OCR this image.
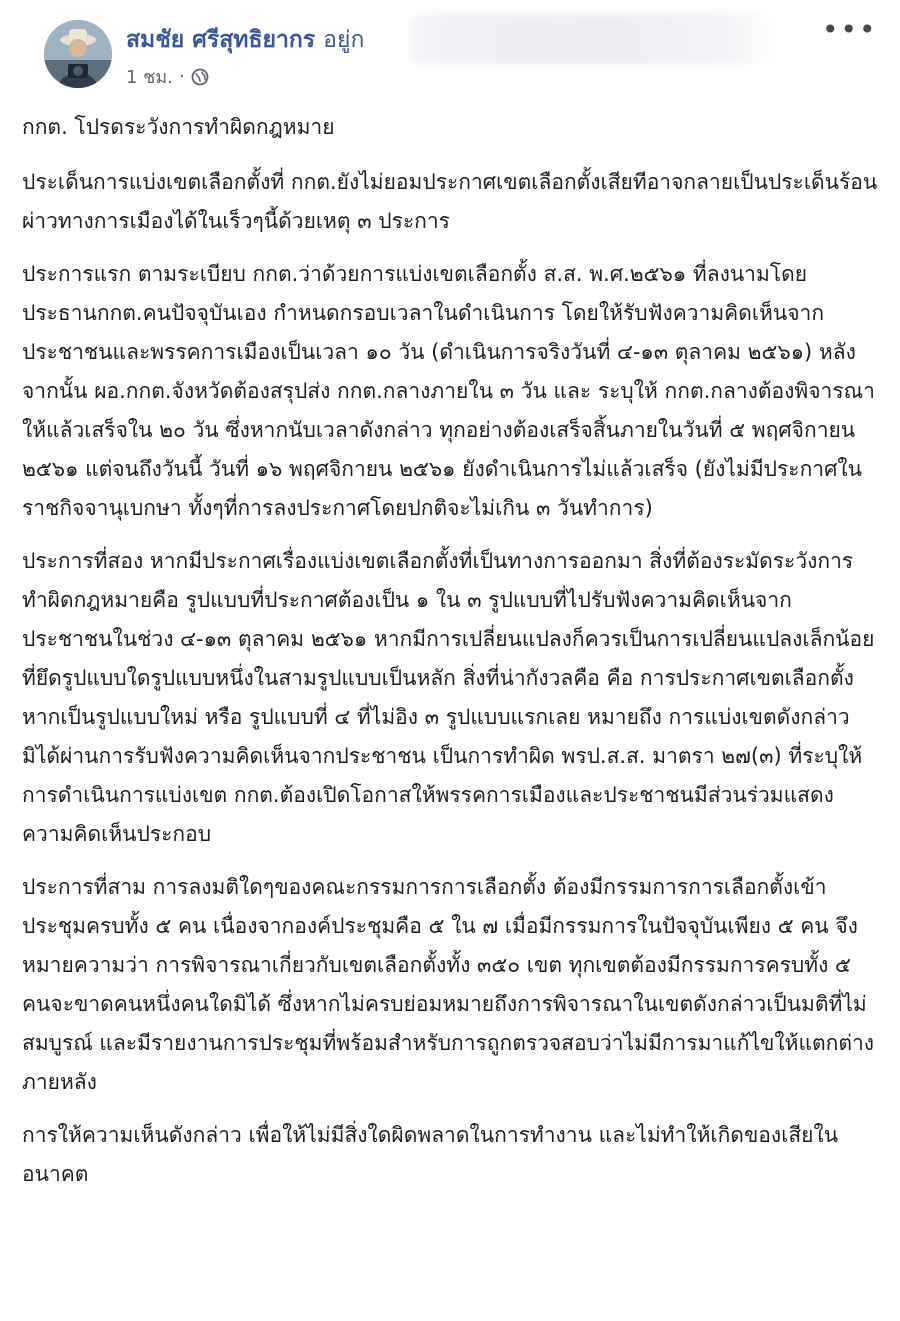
สมชัย ศรีสุทธิยากร อยู่ก
1 ชม. ·
•••

กกต. โปรดระวังการทำผิดกฎหมาย

ประเด็นการแบ่งเขตเลือกตั้งที่ กกต.ยังไม่ยอมประกาศเขตเลือกตั้งเสียทีอาจกลายเป็นประเด็นร้อนผ่าวทางการเมืองได้ในเร็วๆนี้ด้วยเหตุ ๓ ประการ

ประการแรก ตามระเบียบ กกต.ว่าด้วยการแบ่งเขตเลือกตั้ง ส.ส. พ.ศ.๒๕๖๑ ที่ลงนามโดยประธานกกต.คนปัจจุบันเอง กำหนดกรอบเวลาในดำเนินการ โดยให้รับฟังความคิดเห็นจากประชาชนและพรรคการเมืองเป็นเวลา ๑๐ วัน (ดำเนินการจริงวันที่ ๔-๑๓ ตุลาคม ๒๕๖๑) หลังจากนั้น ผอ.กกต.จังหวัดต้องสรุปส่ง กกต.กลางภายใน ๓ วัน และ ระบุให้ กกต.กลางต้องพิจารณาให้แล้วเสร็จใน ๒๐ วัน ซึ่งหากนับเวลาดังกล่าว ทุกอย่างต้องเสร็จสิ้นภายในวันที่ ๕ พฤศจิกายน ๒๕๖๑ แต่จนถึงวันนี้ วันที่ ๑๖ พฤศจิกายน ๒๕๖๑ ยังดำเนินการไม่แล้วเสร็จ (ยังไม่มีประกาศในราชกิจจานุเบกษา ทั้งๆที่การลงประกาศโดยปกติจะไม่เกิน ๓ วันทำการ)

ประการที่สอง หากมีประกาศเรื่องแบ่งเขตเลือกตั้งที่เป็นทางการออกมา สิ่งที่ต้องระมัดระวังการทำผิดกฎหมายคือ รูปแบบที่ประกาศต้องเป็น ๑ ใน ๓ รูปแบบที่ไปรับฟังความคิดเห็นจากประชาชนในช่วง ๔-๑๓ ตุลาคม ๒๕๖๑ หากมีการเปลี่ยนแปลงก็ควรเป็นการเปลี่ยนแปลงเล็กน้อยที่ยึดรูปแบบใดรูปแบบหนึ่งในสามรูปแบบเป็นหลัก สิ่งที่น่ากังวลคือ คือ การประกาศเขตเลือกตั้งหากเป็นรูปแบบใหม่ หรือ รูปแบบที่ ๔ ที่ไม่อิง ๓ รูปแบบแรกเลย หมายถึง การแบ่งเขตดังกล่าว มิได้ผ่านการรับฟังความคิดเห็นจากประชาชน เป็นการทำผิด พรป.ส.ส. มาตรา ๒๗(๓) ที่ระบุให้ การดำเนินการแบ่งเขต กกต.ต้องเปิดโอกาสให้พรรคการเมืองและประชาชนมีส่วนร่วมแสดงความคิดเห็นประกอบ

ประการที่สาม การลงมติใดๆของคณะกรรมการการเลือกตั้ง ต้องมีกรรมการการเลือกตั้งเข้าประชุมครบทั้ง ๕ คน เนื่องจากองค์ประชุมคือ ๕ ใน ๗ เมื่อมีกรรมการในปัจจุบันเพียง ๕ คน จึงหมายความว่า การพิจารณาเกี่ยวกับเขตเลือกตั้งทั้ง ๓๕๐ เขต ทุกเขตต้องมีกรรมการครบทั้ง ๕ คนจะขาดคนหนึ่งคนใดมิได้ ซึ่งหากไม่ครบย่อมหมายถึงการพิจารณาในเขตดังกล่าวเป็นมติที่ไม่สมบูรณ์ และมีรายงานการประชุมที่พร้อมสำหรับการถูกตรวจสอบว่าไม่มีการมาแก้ไขให้แตกต่างภายหลัง

การให้ความเห็นดังกล่าว เพื่อให้ไม่มีสิ่งใดผิดพลาดในการทำงาน และไม่ทำให้เกิดของเสียในอนาคต
